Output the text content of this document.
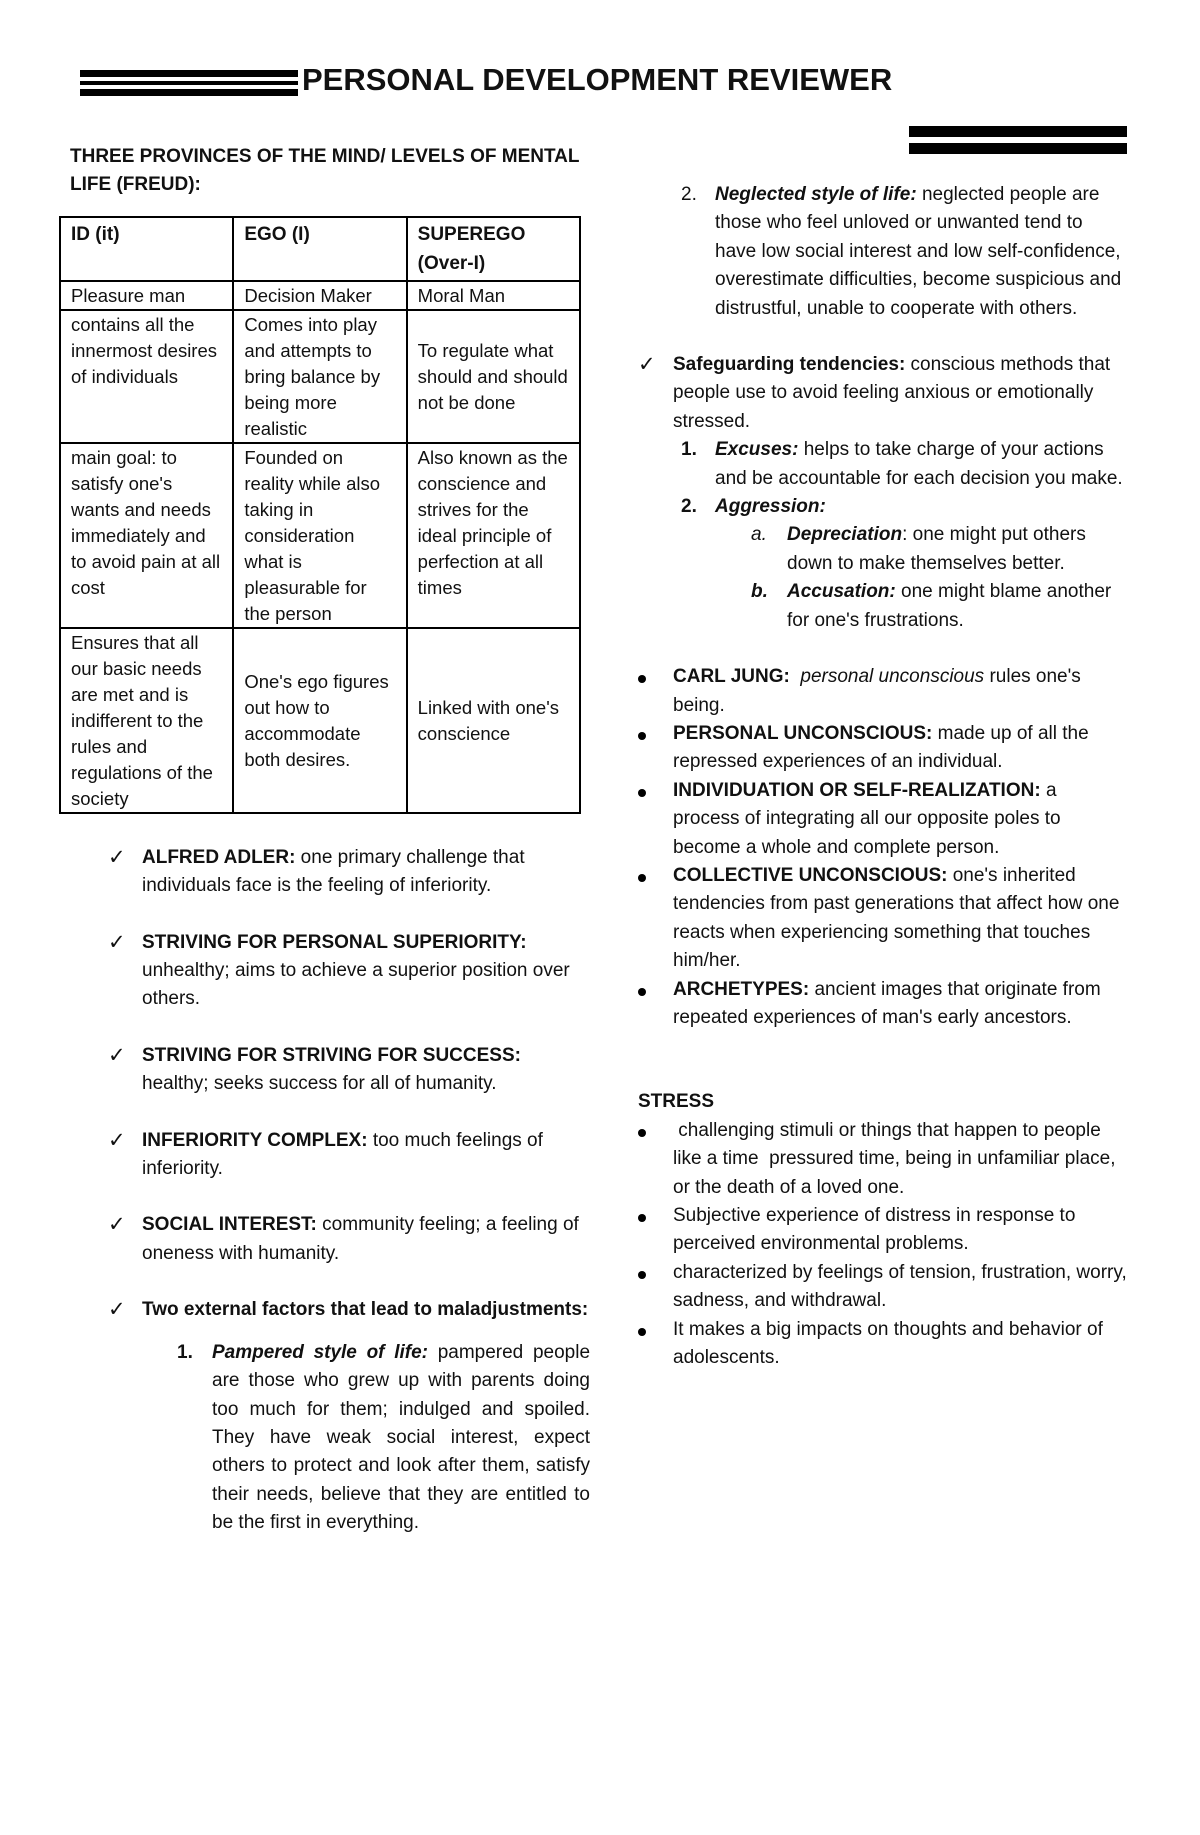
PERSONAL DEVELOPMENT REVIEWER
THREE PROVINCES OF THE MIND/ LEVELS OF MENTAL LIFE (FREUD):
ID (it)	EGO (I)	SUPEREGO (Over-I)
Pleasure man	Decision Maker	Moral Man
contains all the innermost desires of individuals	Comes into play and attempts to bring balance by being more realistic	To regulate what should and should not be done
main goal: to satisfy one's wants and needs immediately and to avoid pain at all cost	Founded on reality while also taking in consideration what is pleasurable for the person	Also known as the conscience and strives for the ideal principle of perfection at all times
Ensures that all our basic needs are met and is indifferent to the rules and regulations of the society	One's ego figures out how to accommodate both desires.	Linked with one's conscience
✓ ALFRED ADLER: one primary challenge that individuals face is the feeling of inferiority.
✓ STRIVING FOR PERSONAL SUPERIORITY: unhealthy; aims to achieve a superior position over others.
✓ STRIVING FOR STRIVING FOR SUCCESS: healthy; seeks success for all of humanity.
✓ INFERIORITY COMPLEX: too much feelings of inferiority.
✓ SOCIAL INTEREST: community feeling; a feeling of oneness with humanity.
✓ Two external factors that lead to maladjustments:
1. Pampered style of life: pampered people are those who grew up with parents doing too much for them; indulged and spoiled. They have weak social interest, expect others to protect and look after them, satisfy their needs, believe that they are entitled to be the first in everything.
2. Neglected style of life: neglected people are those who feel unloved or unwanted tend to have low social interest and low self-confidence, overestimate difficulties, become suspicious and distrustful, unable to cooperate with others.
✓ Safeguarding tendencies: conscious methods that people use to avoid feeling anxious or emotionally stressed.
1. Excuses: helps to take charge of your actions and be accountable for each decision you make.
2. Aggression:
a. Depreciation: one might put others down to make themselves better.
b. Accusation: one might blame another for one's frustrations.
CARL JUNG: personal unconscious rules one's being.
PERSONAL UNCONSCIOUS: made up of all the repressed experiences of an individual.
INDIVIDUATION OR SELF-REALIZATION: a process of integrating all our opposite poles to become a whole and complete person.
COLLECTIVE UNCONSCIOUS: one's inherited tendencies from past generations that affect how one reacts when experiencing something that touches him/her.
ARCHETYPES: ancient images that originate from repeated experiences of man's early ancestors.
STRESS
challenging stimuli or things that happen to people like a time  pressured time, being in unfamiliar place, or the death of a loved one.
Subjective experience of distress in response to perceived environmental problems.
characterized by feelings of tension, frustration, worry, sadness, and withdrawal.
It makes a big impacts on thoughts and behavior of adolescents.
